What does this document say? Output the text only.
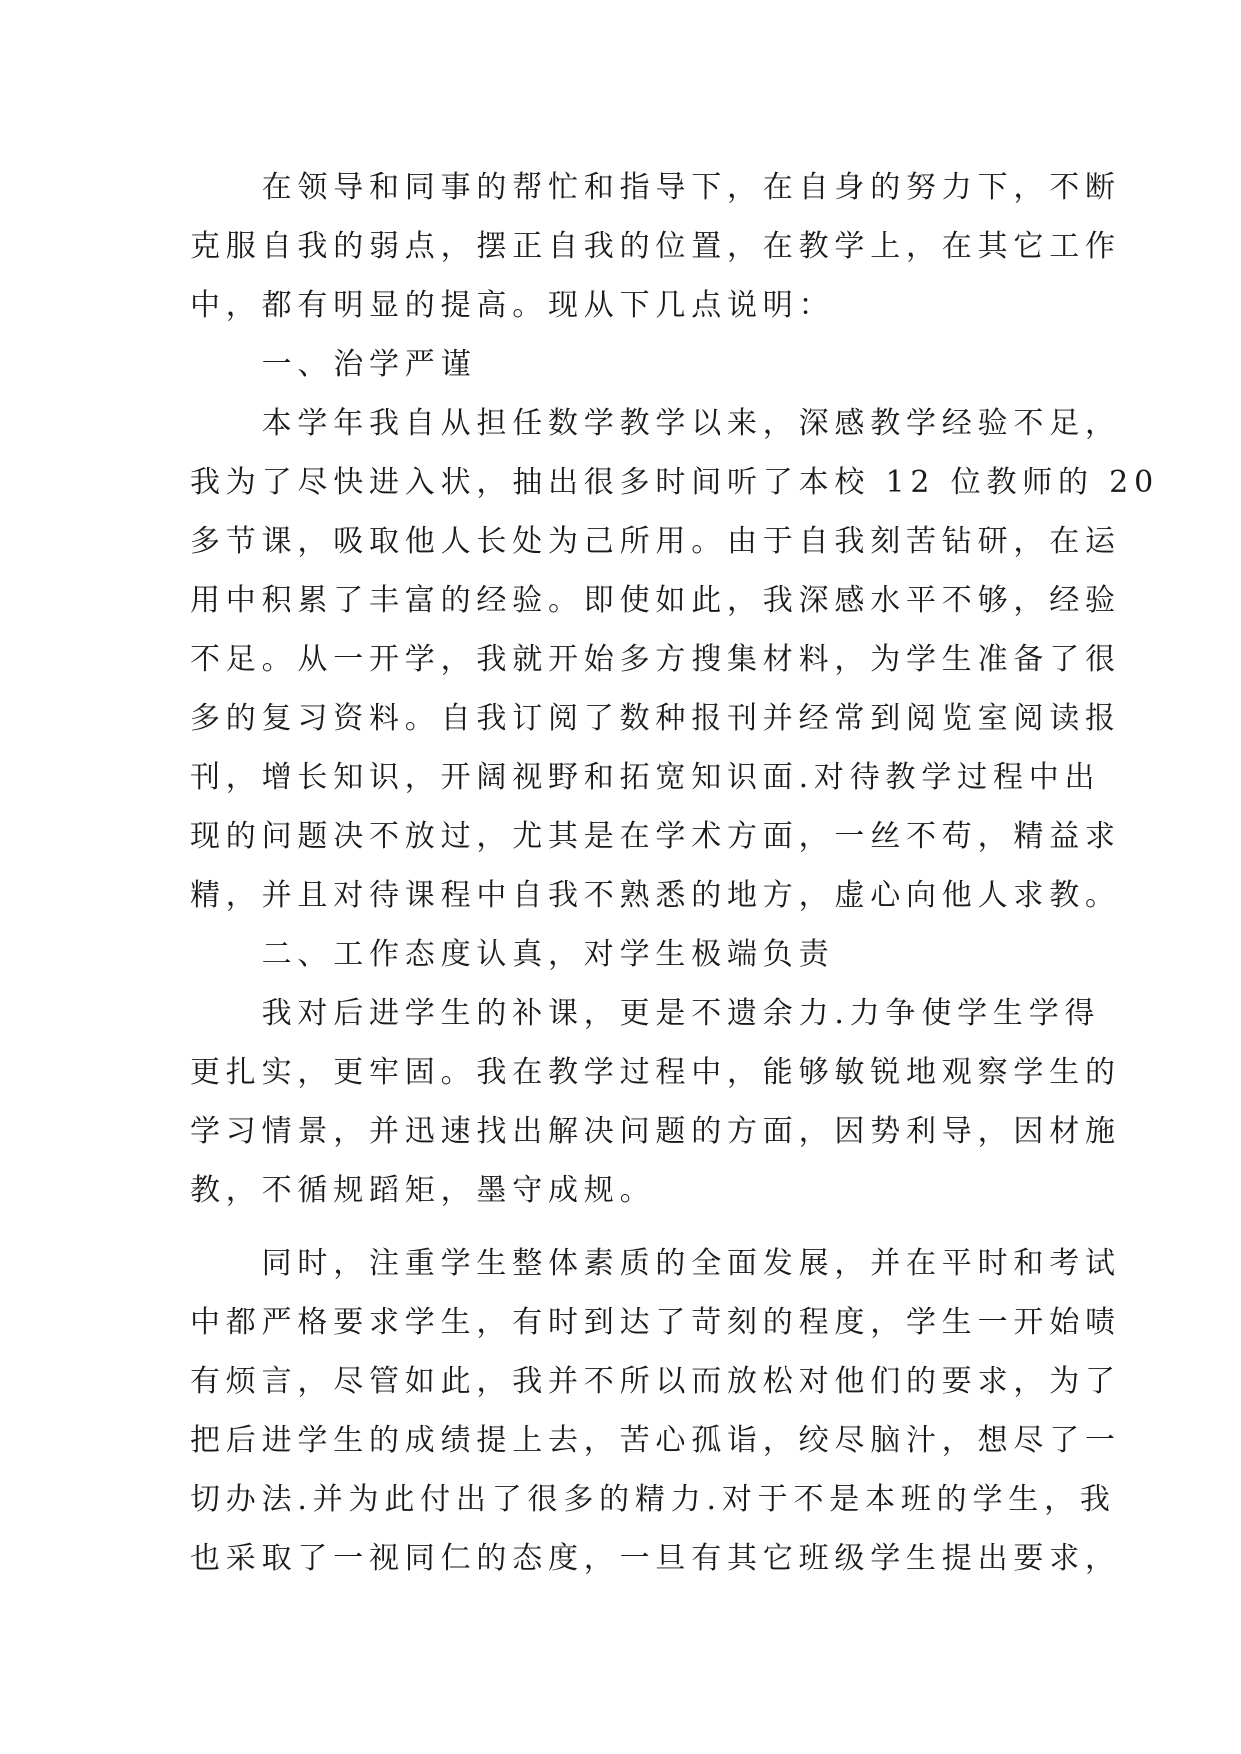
　　在领导和同事的帮忙和指导下，在自身的努力下，不断
克服自我的弱点，摆正自我的位置，在教学上，在其它工作
中，都有明显的提高。现从下几点说明：
　　一、治学严谨
　　本学年我自从担任数学教学以来，深感教学经验不足，
我为了尽快进入状，抽出很多时间听了本校 12 位教师的 20
多节课，吸取他人长处为己所用。由于自我刻苦钻研，在运
用中积累了丰富的经验。即使如此，我深感水平不够，经验
不足。从一开学，我就开始多方搜集材料，为学生准备了很
多的复习资料。自我订阅了数种报刊并经常到阅览室阅读报
刊，增长知识，开阔视野和拓宽知识面.对待教学过程中出
现的问题决不放过，尤其是在学术方面，一丝不苟，精益求
精，并且对待课程中自我不熟悉的地方，虚心向他人求教。
　　二、工作态度认真，对学生极端负责
　　我对后进学生的补课，更是不遗余力.力争使学生学得
更扎实，更牢固。我在教学过程中，能够敏锐地观察学生的
学习情景，并迅速找出解决问题的方面，因势利导，因材施
教，不循规蹈矩，墨守成规。
　　同时，注重学生整体素质的全面发展，并在平时和考试
中都严格要求学生，有时到达了苛刻的程度，学生一开始啧
有烦言，尽管如此，我并不所以而放松对他们的要求，为了
把后进学生的成绩提上去，苦心孤诣，绞尽脑汁，想尽了一
切办法.并为此付出了很多的精力.对于不是本班的学生，我
也采取了一视同仁的态度，一旦有其它班级学生提出要求，
